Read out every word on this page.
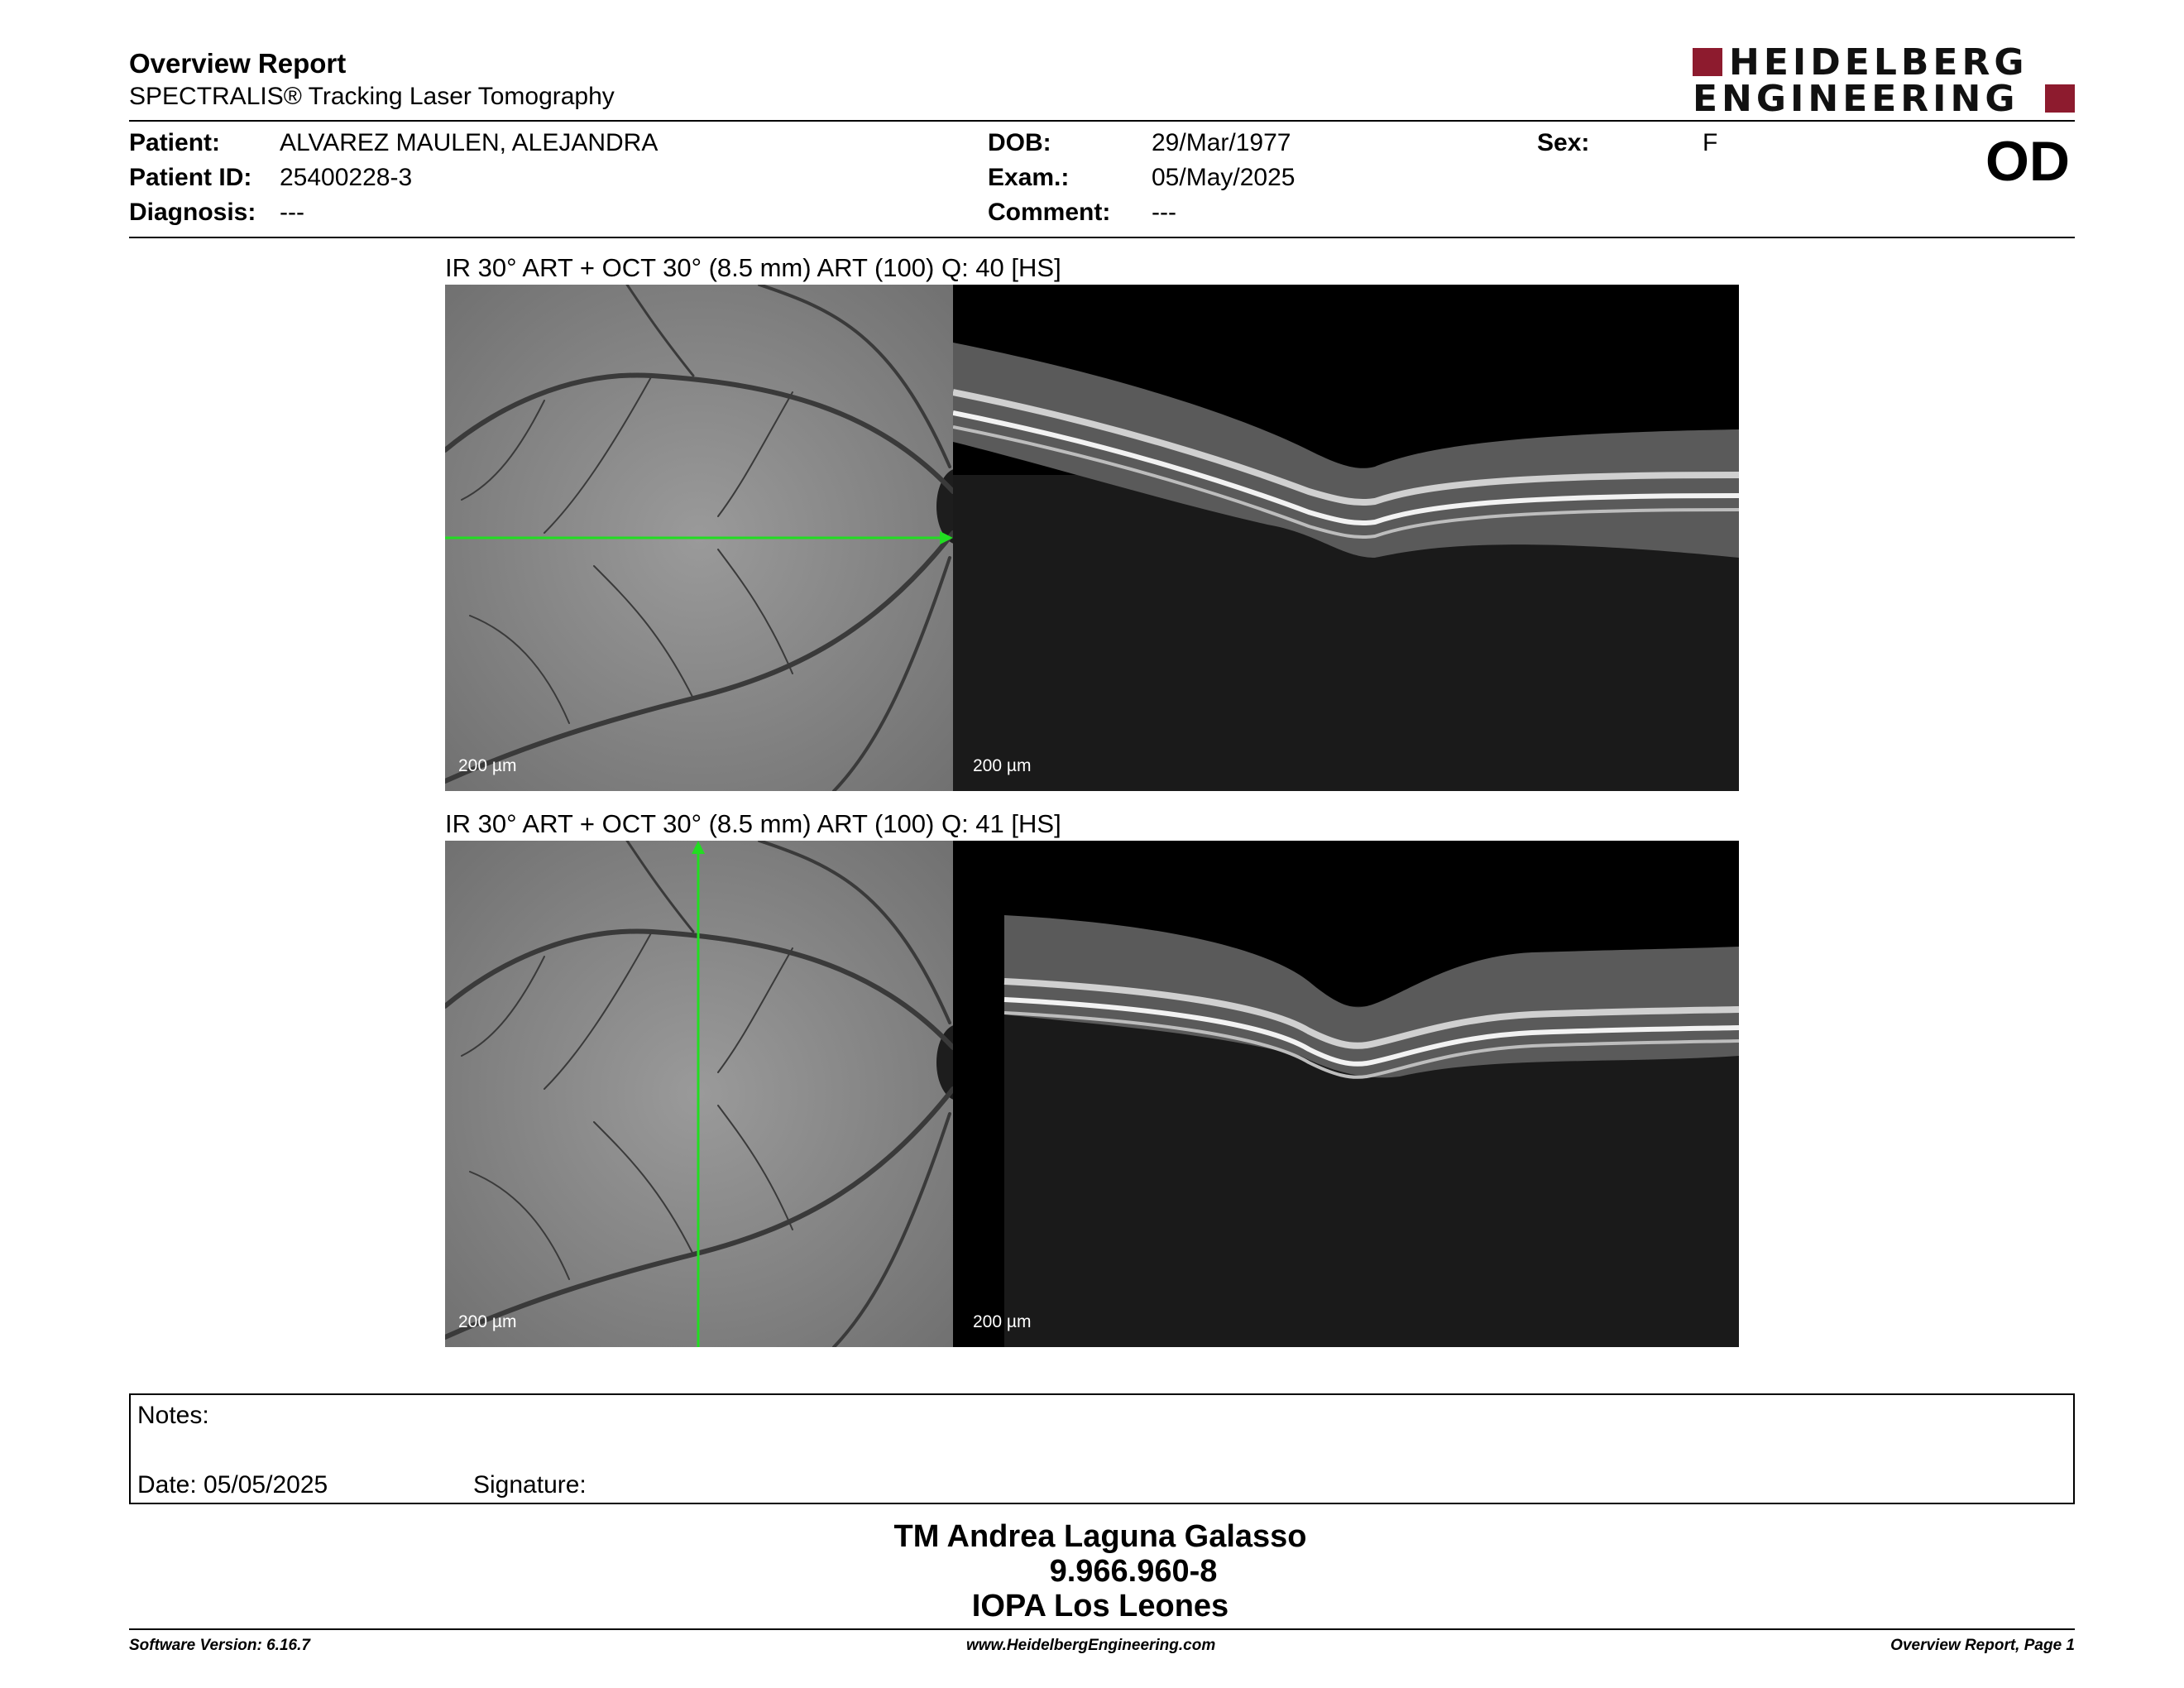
Overview Report
SPECTRALIS® Tracking Laser Tomography
HEIDELBERG
ENGINEERING
Patient: ALVAREZ MAULEN, ALEJANDRA
Patient ID: 25400228-3
Diagnosis: ---
DOB:	29/Mar/1977
Exam.:	05/May/2025
Comment: ---
Sex:	F	OD
IR 30° ART + OCT 30° (8.5 mm) ART (100) Q: 40 [HS]
200 µm	200 µm
IR 30° ART + OCT 30° (8.5 mm) ART (100) Q: 41 [HS]
200 µm	200 µm
Notes:
Date: 05/05/2025	Signature:
TM Andrea Laguna Galasso
9.966.960-8
IOPA Los Leones
Software Version: 6.16.7	www.HeidelbergEngineering.com	Overview Report, Page 1
